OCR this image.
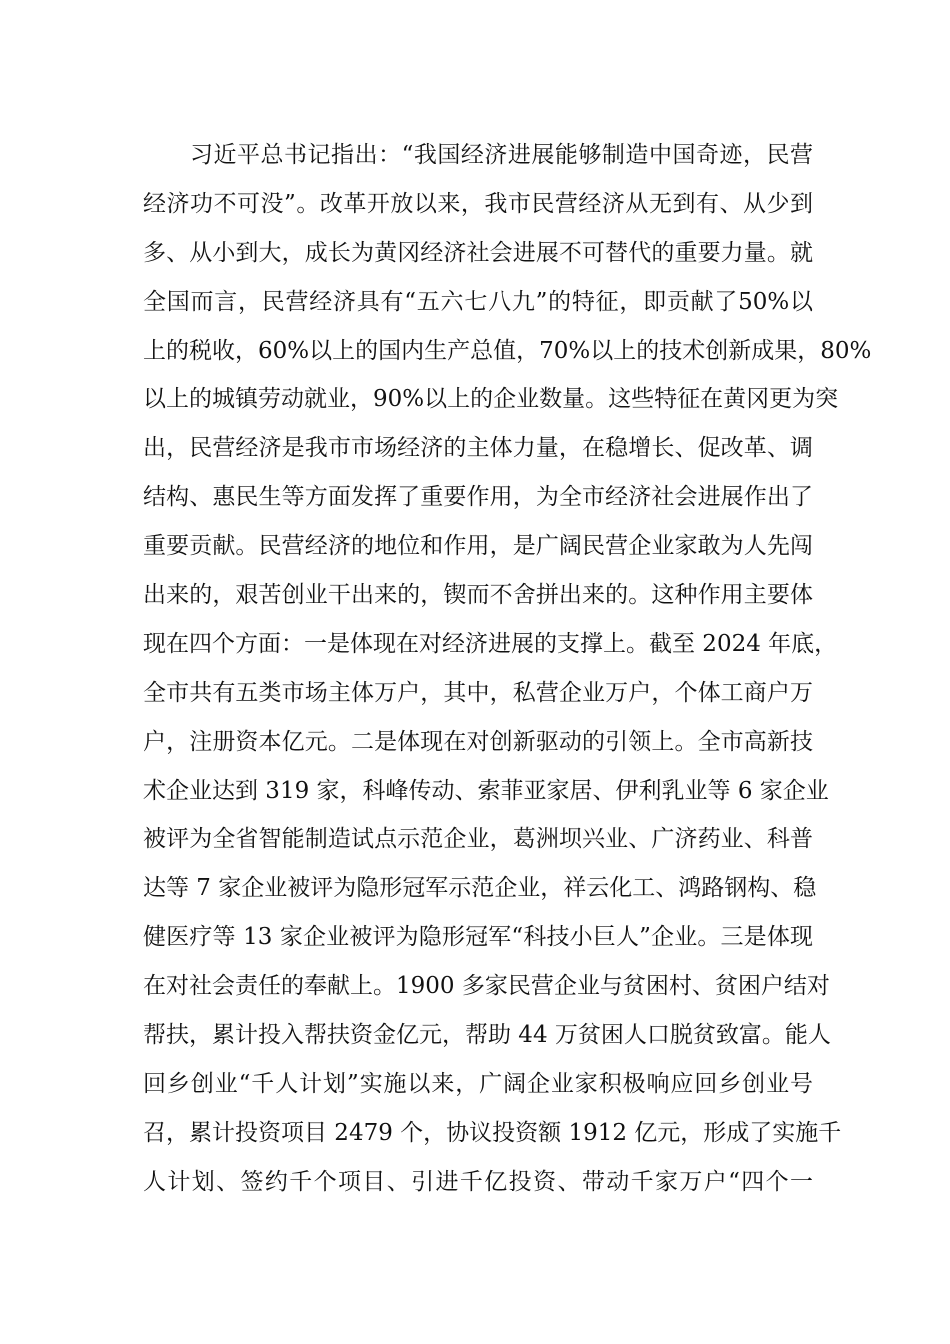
习近平总书记指出：“我国经济进展能够制造中国奇迹，民营
经济功不可没”。改革开放以来，我市民营经济从无到有、从少到
多、从小到大，成长为黄冈经济社会进展不可替代的重要力量。就
全国而言，民营经济具有“五六七八九”的特征，即贡献了50%以
上的税收，60%以上的国内生产总值，70%以上的技术创新成果，80%
以上的城镇劳动就业，90%以上的企业数量。这些特征在黄冈更为突
出，民营经济是我市市场经济的主体力量，在稳增长、促改革、调
结构、惠民生等方面发挥了重要作用，为全市经济社会进展作出了
重要贡献。民营经济的地位和作用，是广阔民营企业家敢为人先闯
出来的，艰苦创业干出来的，锲而不舍拼出来的。这种作用主要体
现在四个方面：一是体现在对经济进展的支撑上。截至 2024 年底，
全市共有五类市场主体万户，其中，私营企业万户，个体工商户万
户，注册资本亿元。二是体现在对创新驱动的引领上。全市高新技
术企业达到 319 家，科峰传动、索菲亚家居、伊利乳业等 6 家企业
被评为全省智能制造试点示范企业，葛洲坝兴业、广济药业、科普
达等 7 家企业被评为隐形冠军示范企业，祥云化工、鸿路钢构、稳
健医疗等 13 家企业被评为隐形冠军“科技小巨人”企业。三是体现
在对社会责任的奉献上。1900 多家民营企业与贫困村、贫困户结对
帮扶，累计投入帮扶资金亿元，帮助 44 万贫困人口脱贫致富。能人
回乡创业“千人计划”实施以来，广阔企业家积极响应回乡创业号
召，累计投资项目 2479 个，协议投资额 1912 亿元，形成了实施千
人计划、签约千个项目、引进千亿投资、带动千家万户“四个一
